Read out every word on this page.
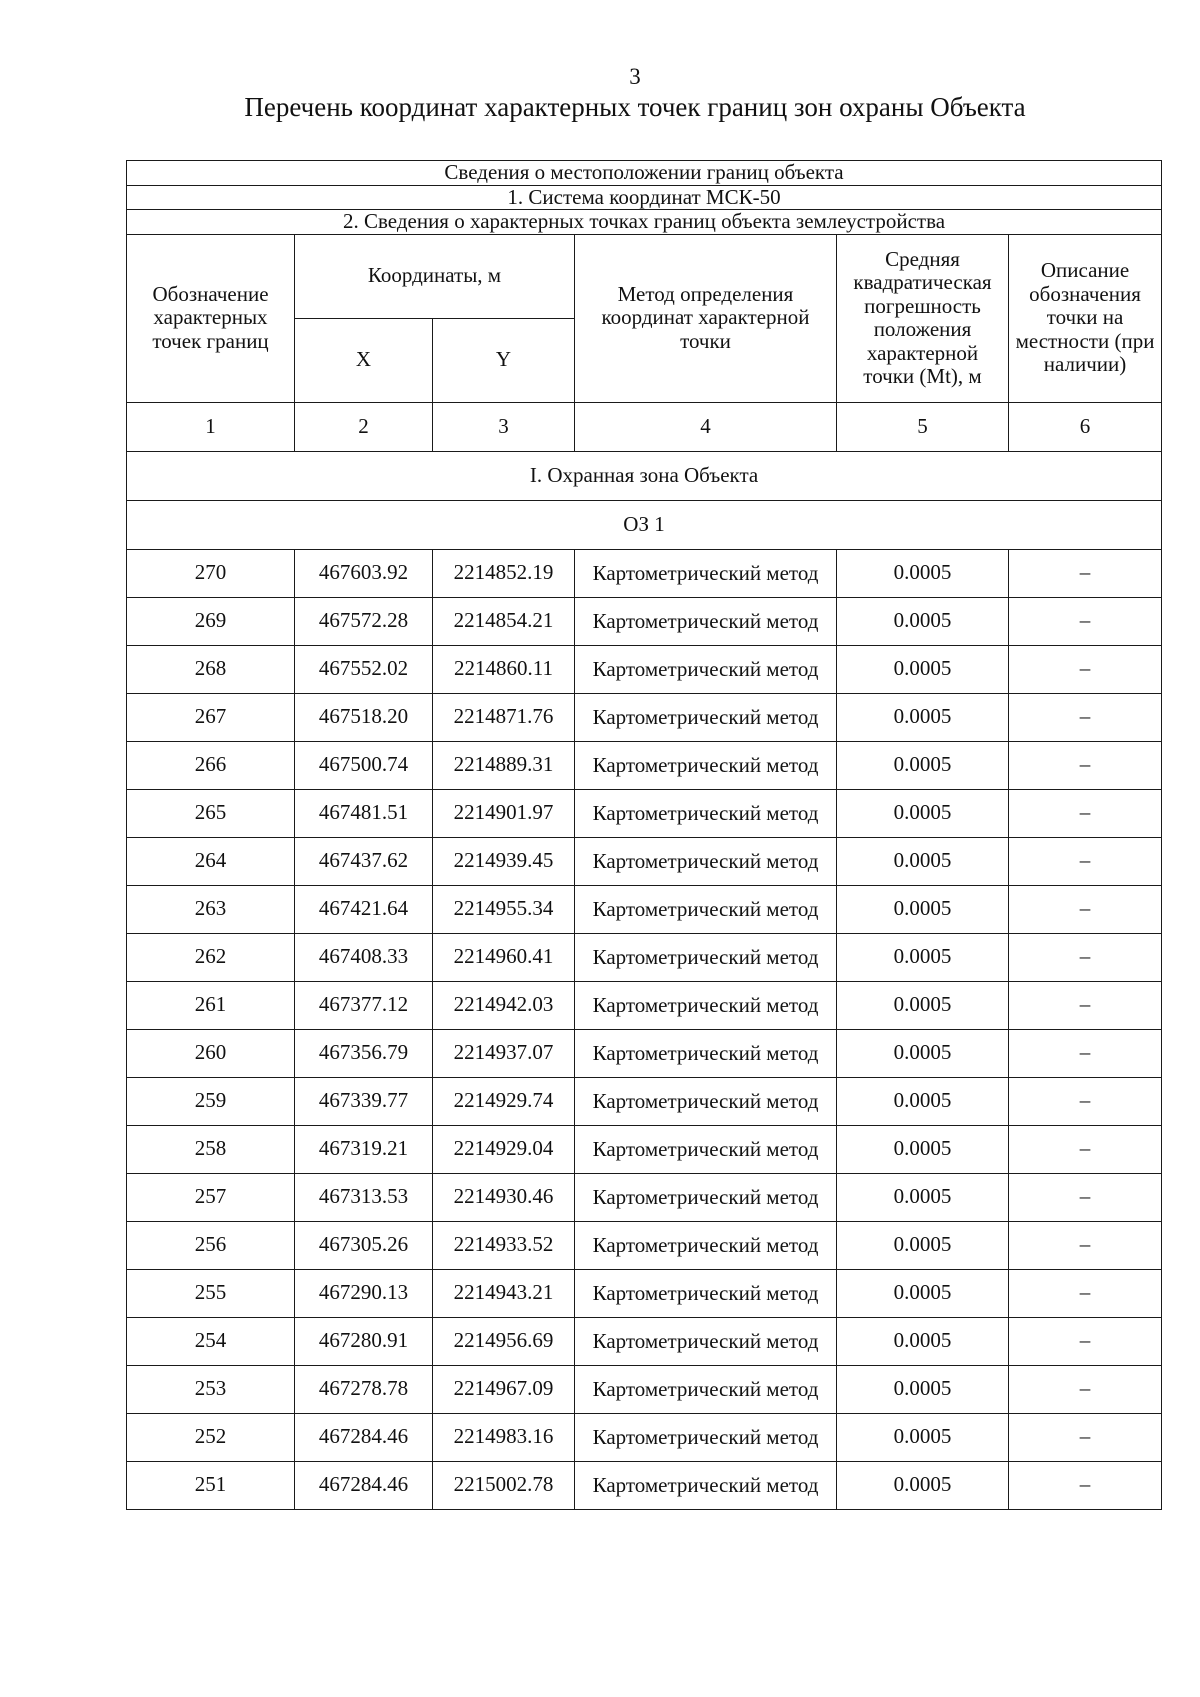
3
Перечень координат характерных точек границ зон охраны Объекта
Сведения о местоположении границ объекта					
1. Система координат МСК-50					
2. Сведения о характерных точках границ объекта землеустройства					
Обозначение характерных точек границ	Координаты, м		Метод определения координат характерной точки	Средняя квадратическая погрешность положения характерной точки (Mt), м	Описание обозначения точки на местности (при наличии)
	X	Y			
1	2	3	4	5	6
I. Охранная зона Объекта					
ОЗ 1					
270	467603.92	2214852.19	Картометрический метод	0.0005	–
269	467572.28	2214854.21	Картометрический метод	0.0005	–
268	467552.02	2214860.11	Картометрический метод	0.0005	–
267	467518.20	2214871.76	Картометрический метод	0.0005	–
266	467500.74	2214889.31	Картометрический метод	0.0005	–
265	467481.51	2214901.97	Картометрический метод	0.0005	–
264	467437.62	2214939.45	Картометрический метод	0.0005	–
263	467421.64	2214955.34	Картометрический метод	0.0005	–
262	467408.33	2214960.41	Картометрический метод	0.0005	–
261	467377.12	2214942.03	Картометрический метод	0.0005	–
260	467356.79	2214937.07	Картометрический метод	0.0005	–
259	467339.77	2214929.74	Картометрический метод	0.0005	–
258	467319.21	2214929.04	Картометрический метод	0.0005	–
257	467313.53	2214930.46	Картометрический метод	0.0005	–
256	467305.26	2214933.52	Картометрический метод	0.0005	–
255	467290.13	2214943.21	Картометрический метод	0.0005	–
254	467280.91	2214956.69	Картометрический метод	0.0005	–
253	467278.78	2214967.09	Картометрический метод	0.0005	–
252	467284.46	2214983.16	Картометрический метод	0.0005	–
251	467284.46	2215002.78	Картометрический метод	0.0005	–
